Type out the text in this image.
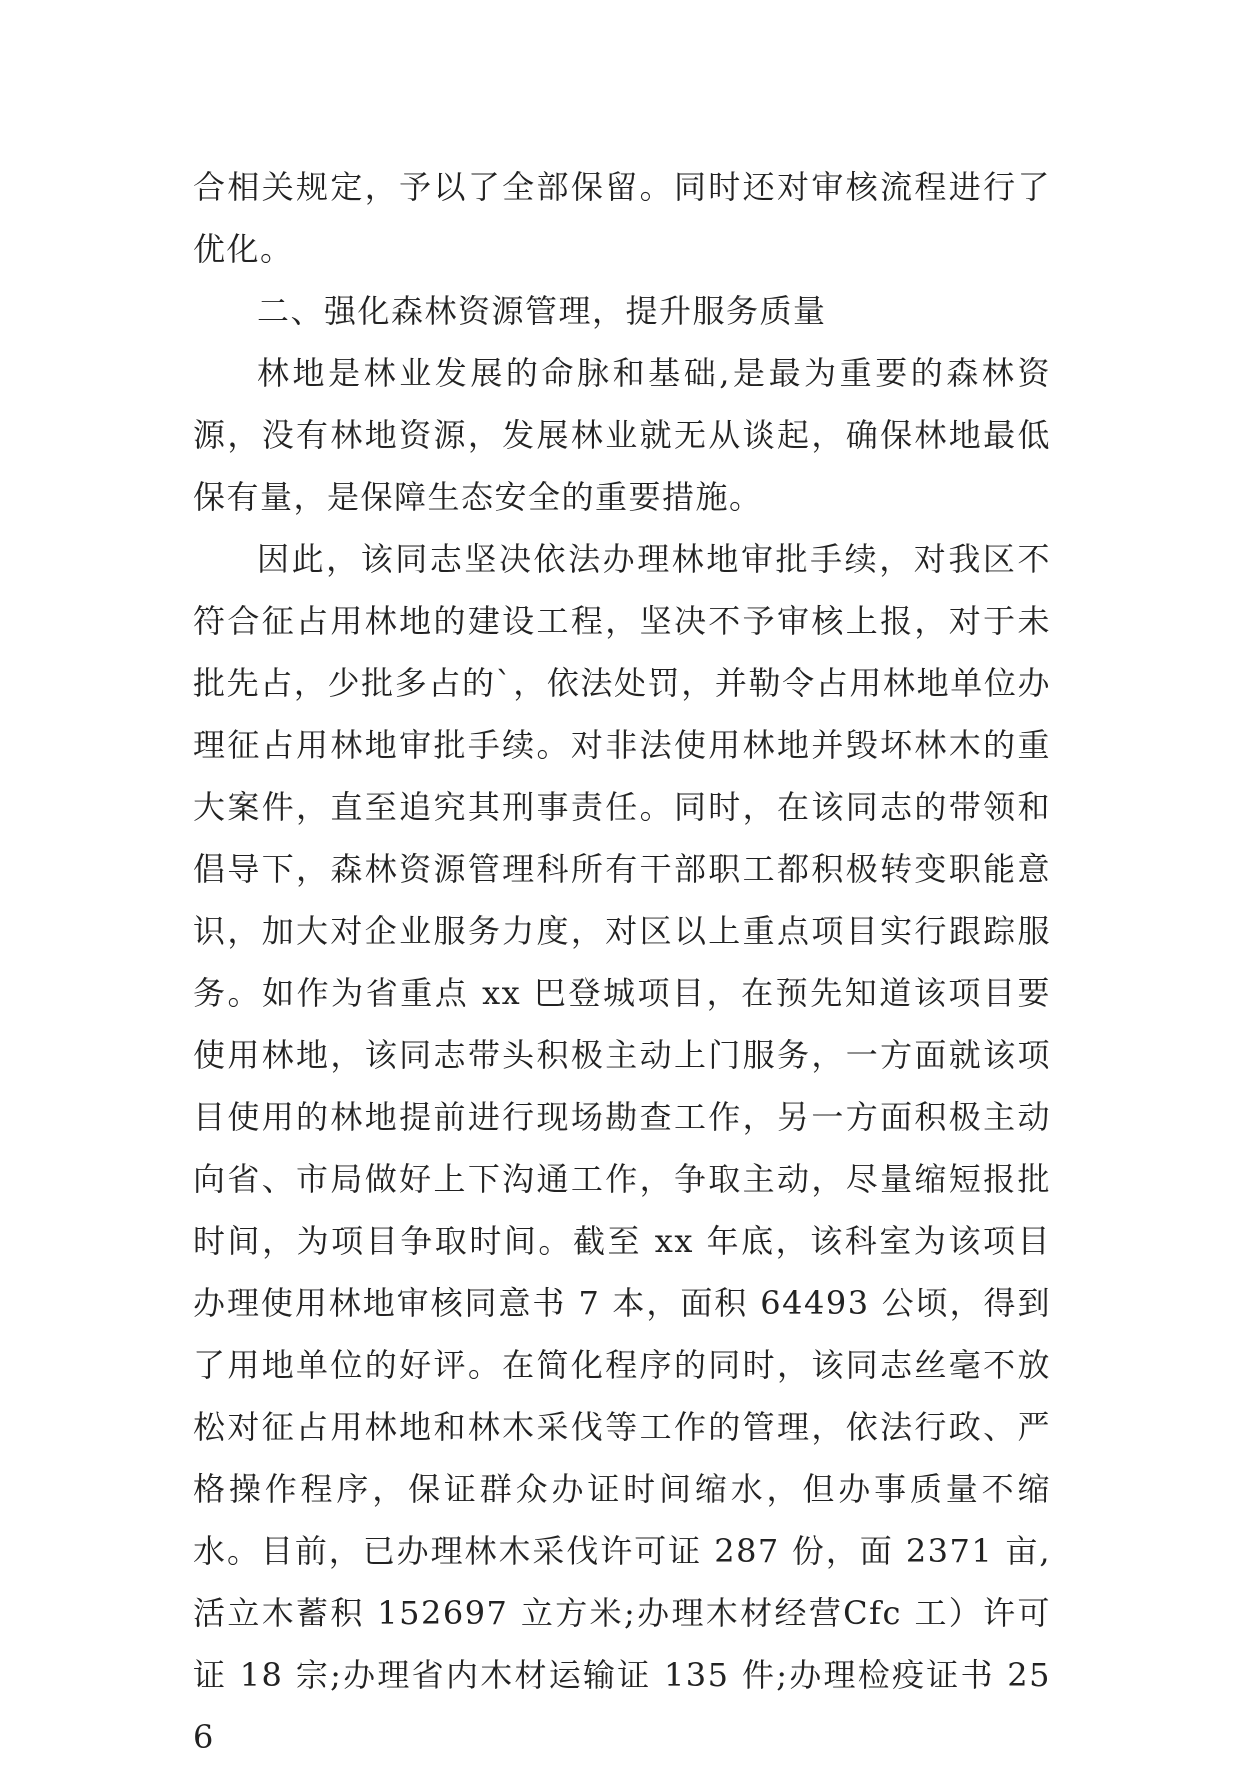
合相关规定，予以了全部保留。同时还对审核流程进行了优化。

二、强化森林资源管理，提升服务质量

林地是林业发展的命脉和基础,是最为重要的森林资源，没有林地资源，发展林业就无从谈起，确保林地最低保有量，是保障生态安全的重要措施。

因此，该同志坚决依法办理林地审批手续，对我区不符合征占用林地的建设工程，坚决不予审核上报，对于未批先占，少批多占的`，依法处罚，并勒令占用林地单位办理征占用林地审批手续。对非法使用林地并毁坏林木的重大案件，直至追究其刑事责任。同时，在该同志的带领和倡导下，森林资源管理科所有干部职工都积极转变职能意识，加大对企业服务力度，对区以上重点项目实行跟踪服务。如作为省重点 xx 巴登城项目，在预先知道该项目要使用林地，该同志带头积极主动上门服务，一方面就该项目使用的林地提前进行现场勘查工作，另一方面积极主动向省、市局做好上下沟通工作，争取主动，尽量缩短报批时间，为项目争取时间。截至 xx 年底，该科室为该项目办理使用林地审核同意书 7 本，面积 64493 公顷，得到了用地单位的好评。在简化程序的同时，该同志丝毫不放松对征占用林地和林木采伐等工作的管理，依法行政、严格操作程序，保证群众办证时间缩水，但办事质量不缩水。目前，已办理林木采伐许可证 287 份，面 2371 亩,活立木蓄积 152697 立方米;办理木材经营Cfc 工）许可证 18 宗;办理省内木材运输证 135 件;办理检疫证书 256
